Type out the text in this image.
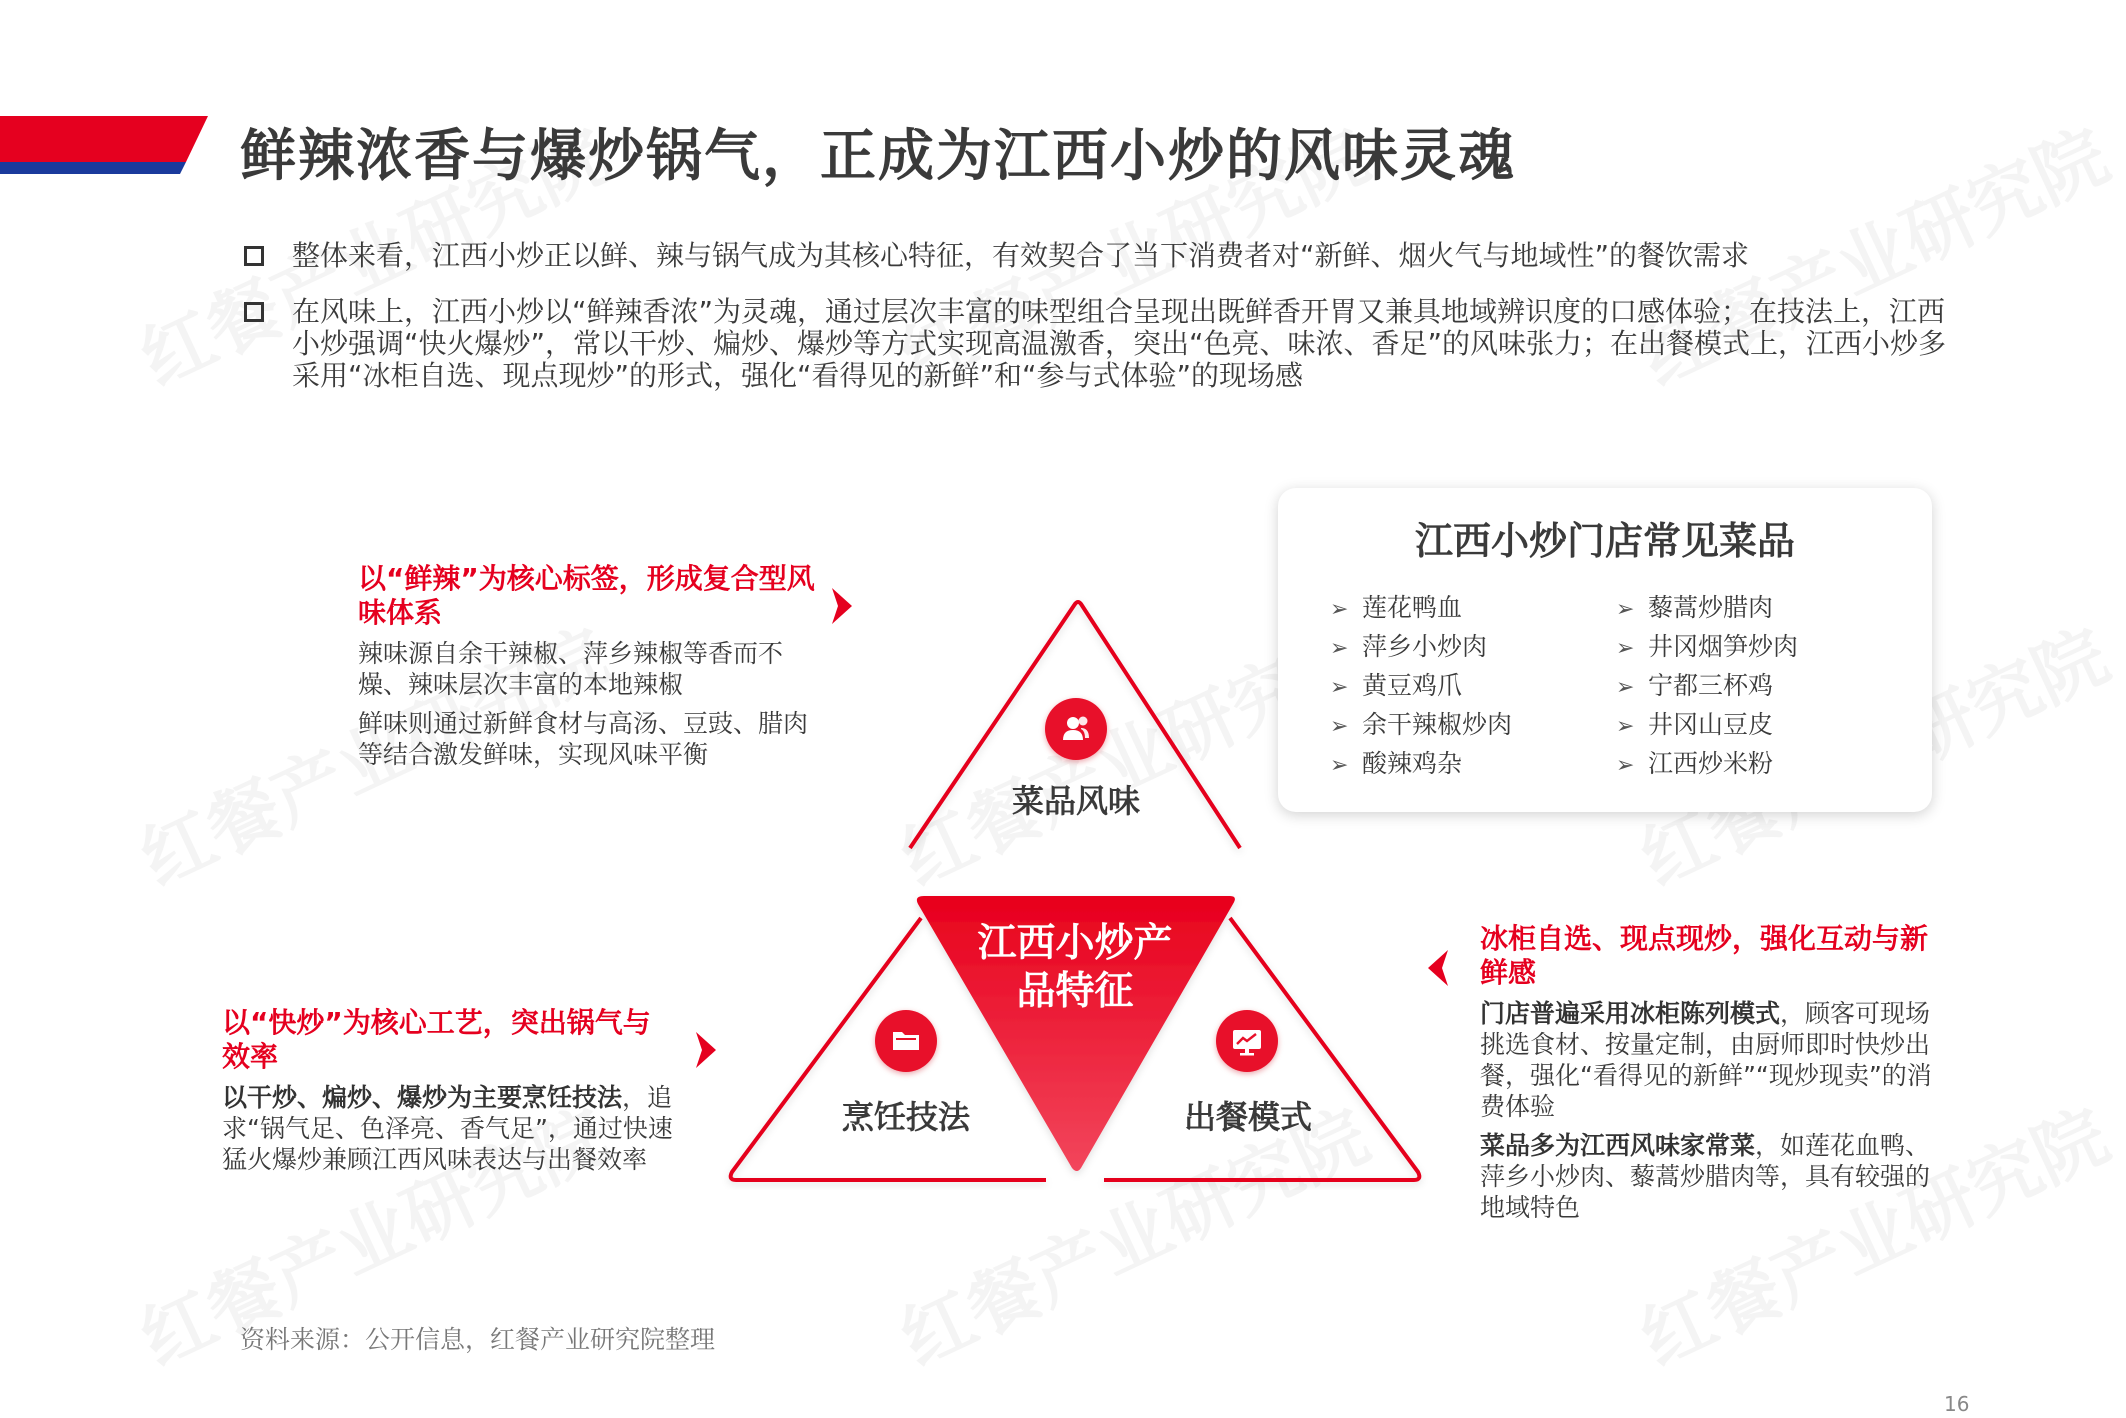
鲜辣浓香与爆炒锅气，正成为江西小炒的风味灵魂
整体来看，江西小炒正以鲜、辣与锅气成为其核心特征，有效契合了当下消费者对“新鲜、烟火气与地域性”的餐饮需求
在风味上，江西小炒以“鲜辣香浓”为灵魂，通过层次丰富的味型组合呈现出既鲜香开胃又兼具地域辨识度的口感体验；在技法上，江西小炒强调“快火爆炒”，常以干炒、煸炒、爆炒等方式实现高温激香，突出“色亮、味浓、香足”的风味张力；在出餐模式上，江西小炒多采用“冰柜自选、现点现炒”的形式，强化“看得见的新鲜”和“参与式体验”的现场感
以“鲜辣”为核心标签，形成复合型风味体系
辣味源自余干辣椒、萍乡辣椒等香而不燥、辣味层次丰富的本地辣椒
鲜味则通过新鲜食材与高汤、豆豉、腊肉等结合激发鲜味，实现风味平衡
以“快炒”为核心工艺，突出锅气与效率
以干炒、煸炒、爆炒为主要烹饪技法，追求“锅气足、色泽亮、香气足”，通过快速猛火爆炒兼顾江西风味表达与出餐效率
冰柜自选、现点现炒，强化互动与新鲜感
门店普遍采用冰柜陈列模式，顾客可现场挑选食材、按量定制，由厨师即时快炒出餐，强化“看得见的新鲜”“现炒现卖”的消费体验
菜品多为江西风味家常菜，如莲花血鸭、萍乡小炒肉、藜蒿炒腊肉等，具有较强的地域特色
江西小炒产品特征
菜品风味
烹饪技法	出餐模式
江西小炒门店常见菜品
➢ 莲花鸭血
➢ 萍乡小炒肉
➢ 黄豆鸡爪
➢ 余干辣椒炒肉
➢ 酸辣鸡杂
➢ 藜蒿炒腊肉
➢ 井冈烟笋炒肉
➢ 宁都三杯鸡
➢ 井冈山豆皮
➢ 江西炒米粉
资料来源：公开信息，红餐产业研究院整理
16
